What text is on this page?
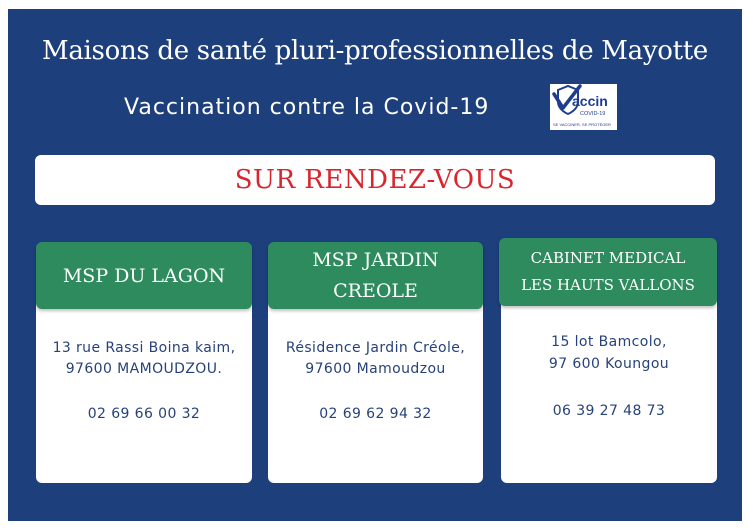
Maisons de santé pluri-professionnelles de Mayotte
Vaccination contre la Covid-19	accin
COVID-19
SE VACCINER, SE PROTÉGER
SUR RENDEZ-VOUS
13 rue Rassi Boina kaim,
97600 MAMOUDZOU.
02 69 66 00 32
MSP DU LAGON
Résidence Jardin Créole,
97600 Mamoudzou
02 69 62 94 32
MSP JARDIN
CREOLE
15 lot Bamcolo,
97 600 Koungou
06 39 27 48 73
CABINET MEDICAL
LES HAUTS VALLONS
